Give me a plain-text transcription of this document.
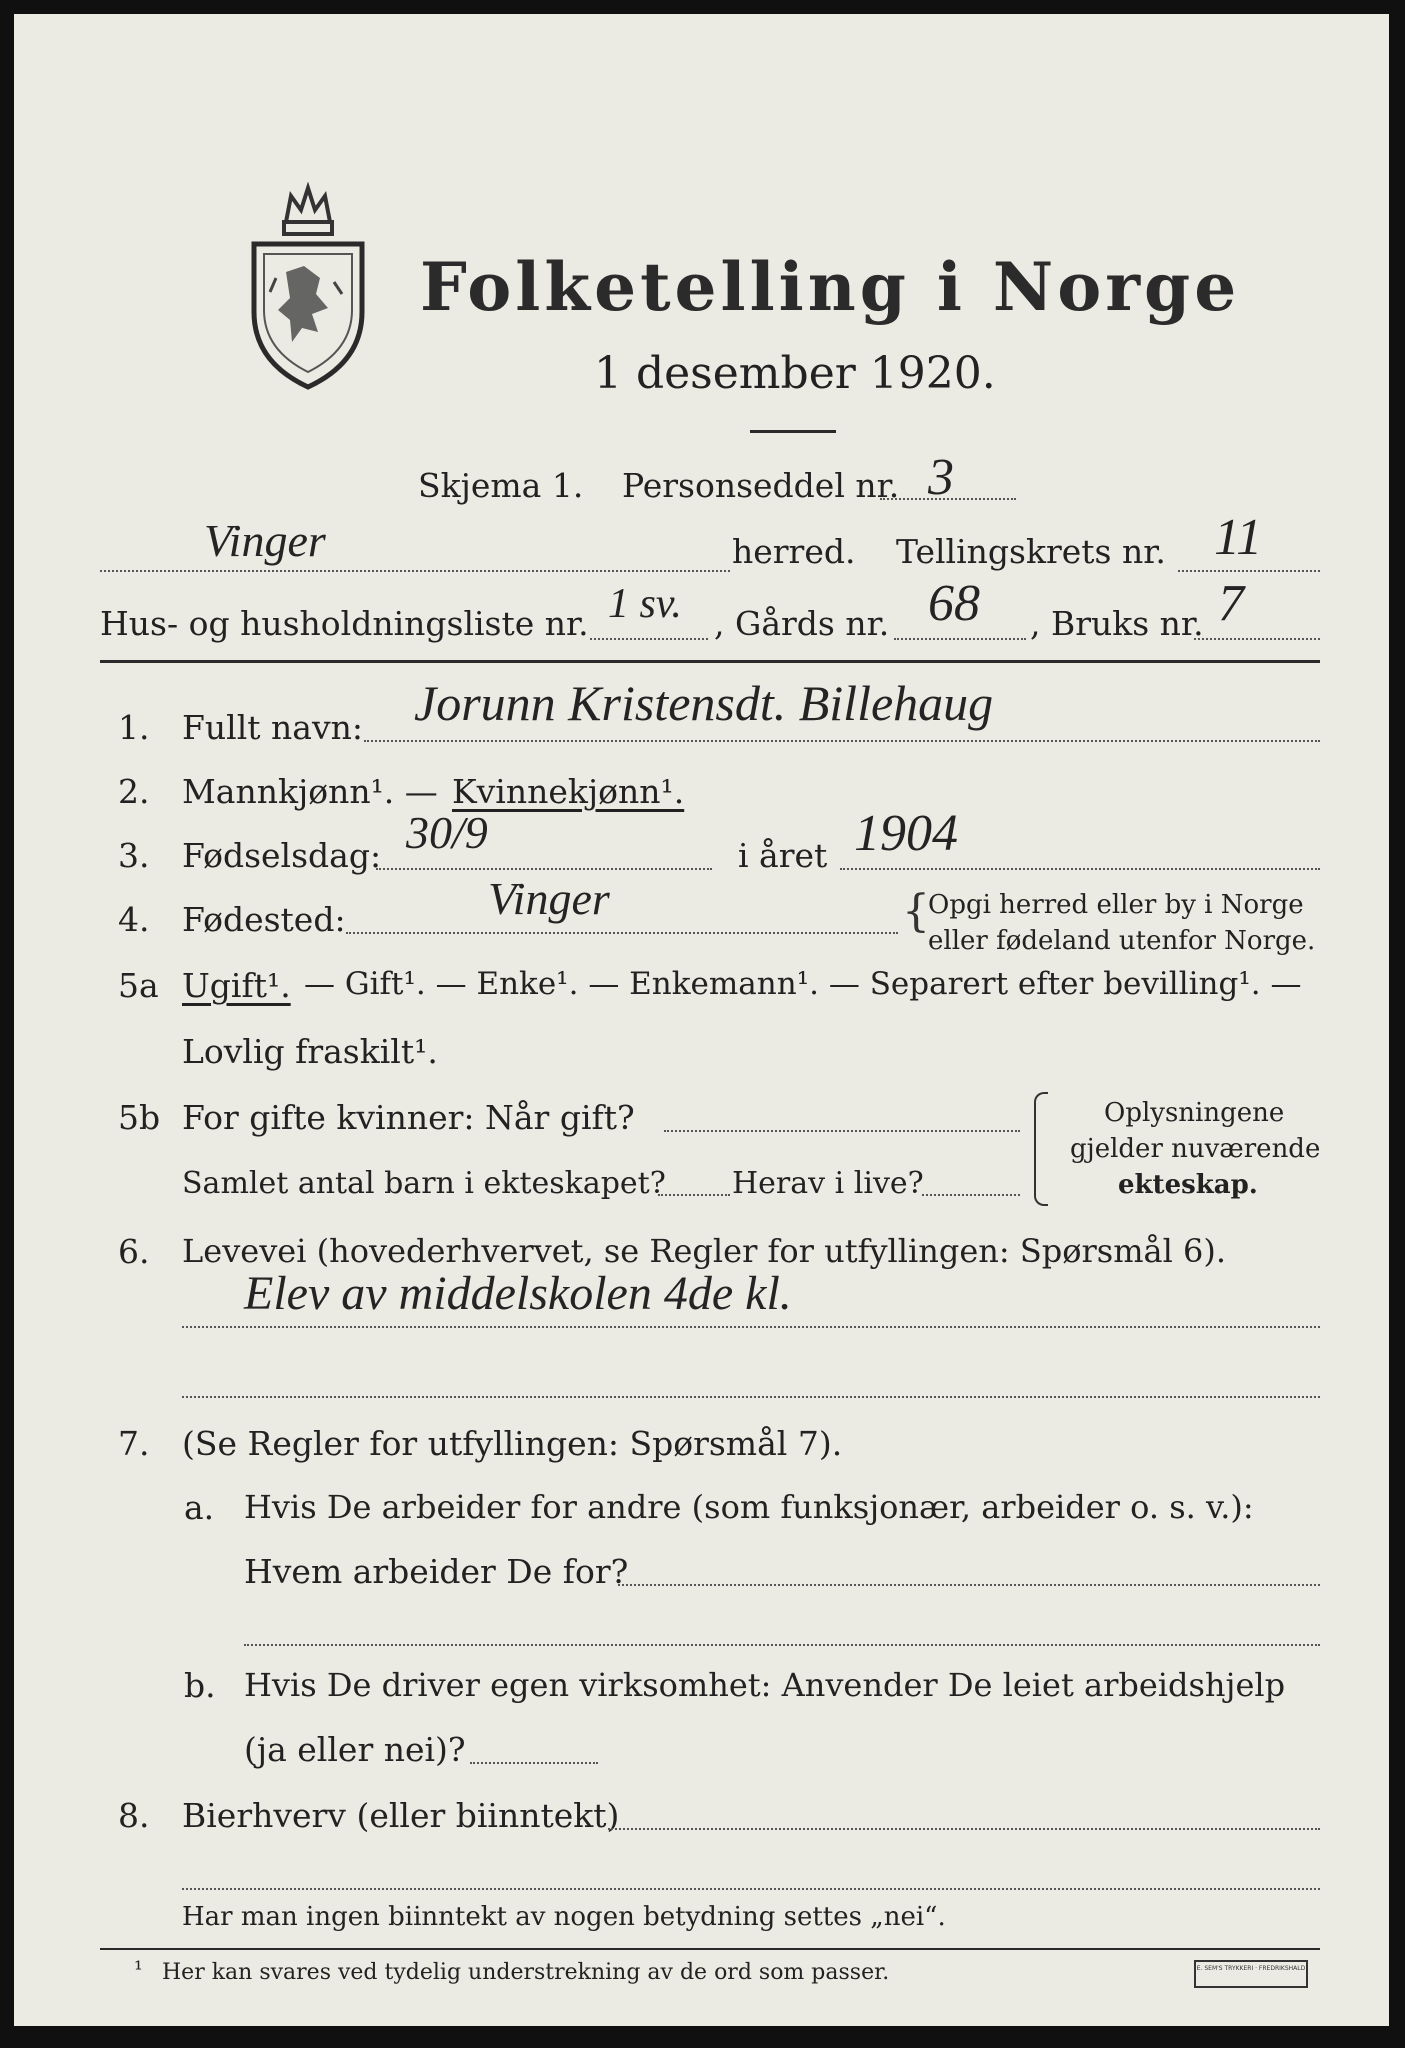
Folketelling i Norge
1 desember 1920.
Skjema 1. Personseddel nr. 3
Vinger	herred. Tellingskrets nr. 11
Hus- og husholdningsliste nr. 1 sv. , Gårds nr. 68 , Bruks nr. 7
1. Fullt navn: Jorunn Kristensdt. Billehaug
2. Mannkjønn¹. — Kvinnekjønn¹.
3. Fødselsdag: 30/9	i året 1904
4. Fødested:	Vinger	{
Opgi herred eller by i Norge
eller fødeland utenfor Norge.
5a Ugift¹. — Gift¹. — Enke¹. — Enkemann¹. — Separert efter bevilling¹. —
Lovlig fraskilt¹.
5b For gifte kvinner: Når gift?
Samlet antal barn i ekteskapet? Herav i live?
Oplysningene
gjelder nuværende
ekteskap.
6. Levevei (hovederhvervet, se Regler for utfyllingen: Spørsmål 6).
Elev av middelskolen 4de kl.
7. (Se Regler for utfyllingen: Spørsmål 7).
a. Hvis De arbeider for andre (som funksjonær, arbeider o. s. v.):
Hvem arbeider De for?
b. Hvis De driver egen virksomhet: Anvender De leiet arbeidshjelp
(ja eller nei)?
8. Bierhverv (eller biinntekt)
Har man ingen biinntekt av nogen betydning settes „nei“.
¹ Her kan svares ved tydelig understrekning av de ord som passer.	E. SEM'S TRYKKERI · FREDRIKSHALD
